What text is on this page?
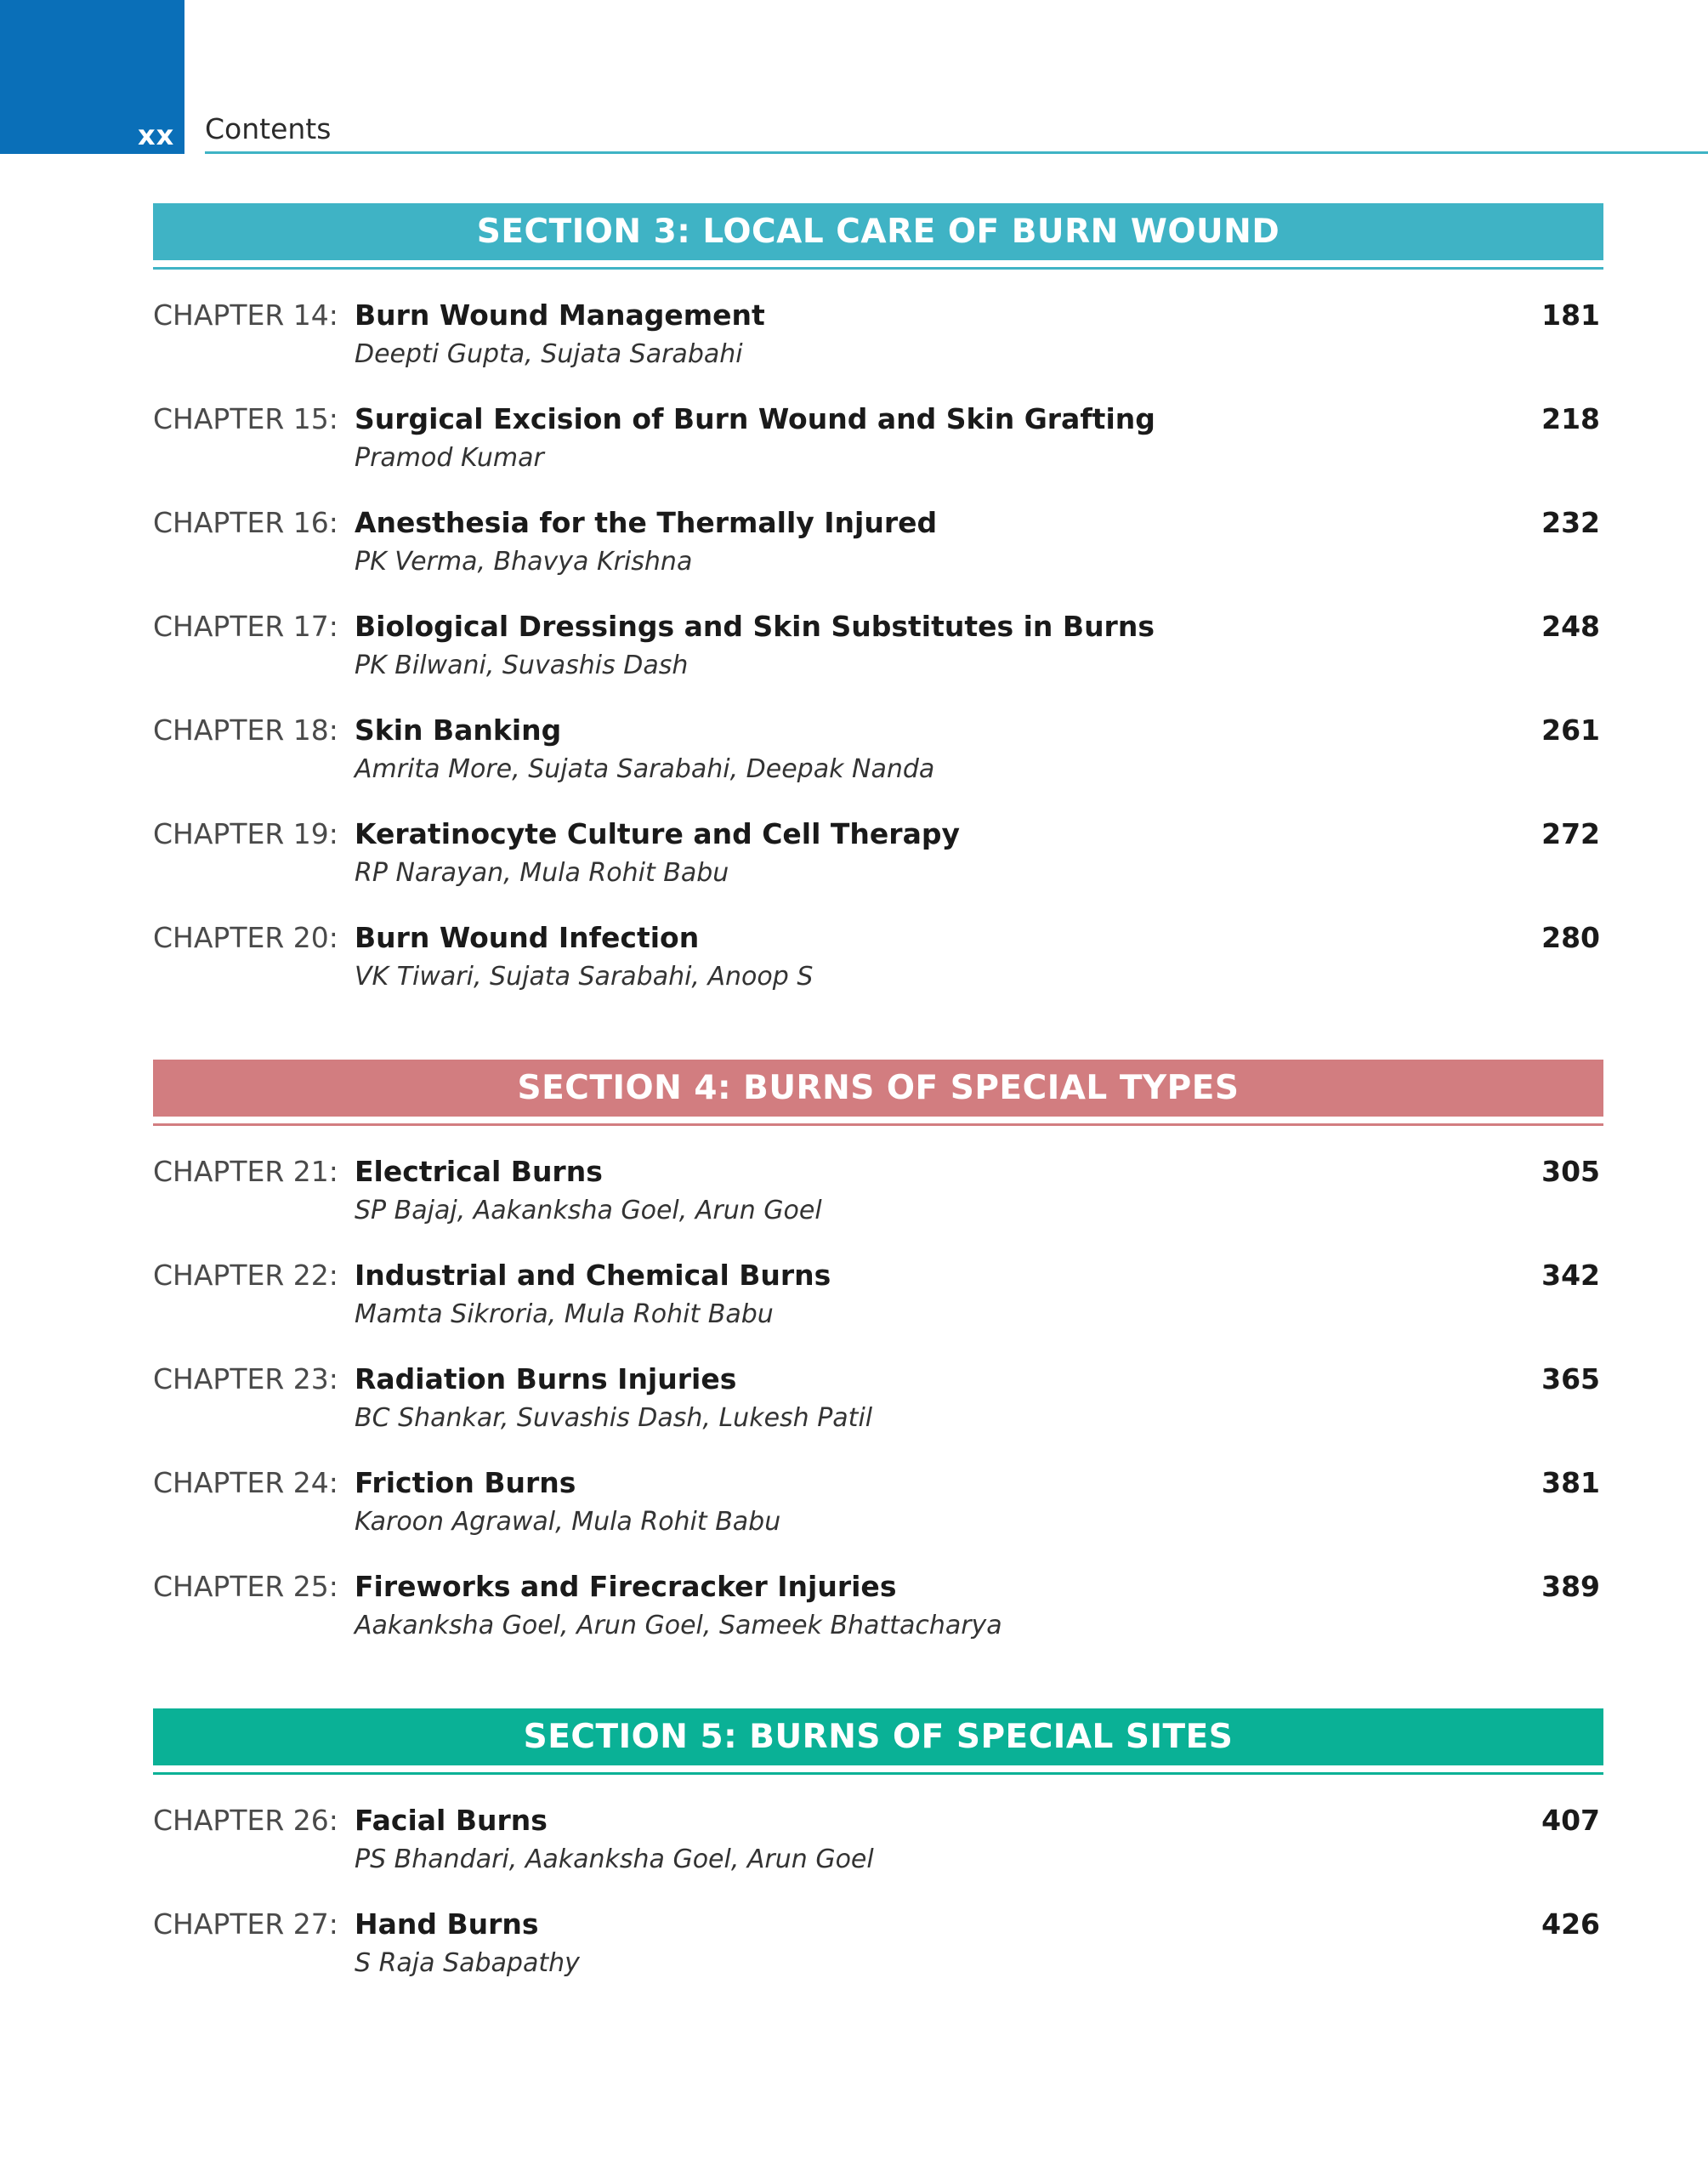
xx Contents
SECTION 3: LOCAL CARE OF BURN WOUND
CHAPTER 14: Burn Wound Management
Deepti Gupta, Sujata Sarabahi
181
CHAPTER 15: Surgical Excision of Burn Wound and Skin Grafting
Pramod Kumar
218
CHAPTER 16: Anesthesia for the Thermally Injured
PK Verma, Bhavya Krishna
232
CHAPTER 17: Biological Dressings and Skin Substitutes in Burns
PK Bilwani, Suvashis Dash
248
CHAPTER 18: Skin Banking
Amrita More, Sujata Sarabahi, Deepak Nanda
261
CHAPTER 19: Keratinocyte Culture and Cell Therapy
RP Narayan, Mula Rohit Babu
272
CHAPTER 20: Burn Wound Infection
VK Tiwari, Sujata Sarabahi, Anoop S
280
SECTION 4: BURNS OF SPECIAL TYPES
CHAPTER 21: Electrical Burns
SP Bajaj, Aakanksha Goel, Arun Goel
305
CHAPTER 22: Industrial and Chemical Burns
Mamta Sikroria, Mula Rohit Babu
342
CHAPTER 23: Radiation Burns Injuries
BC Shankar, Suvashis Dash, Lukesh Patil
365
CHAPTER 24: Friction Burns
Karoon Agrawal, Mula Rohit Babu
381
CHAPTER 25: Fireworks and Firecracker Injuries
Aakanksha Goel, Arun Goel, Sameek Bhattacharya
389
SECTION 5: BURNS OF SPECIAL SITES
CHAPTER 26: Facial Burns
PS Bhandari, Aakanksha Goel, Arun Goel
407
CHAPTER 27: Hand Burns
S Raja Sabapathy
426
